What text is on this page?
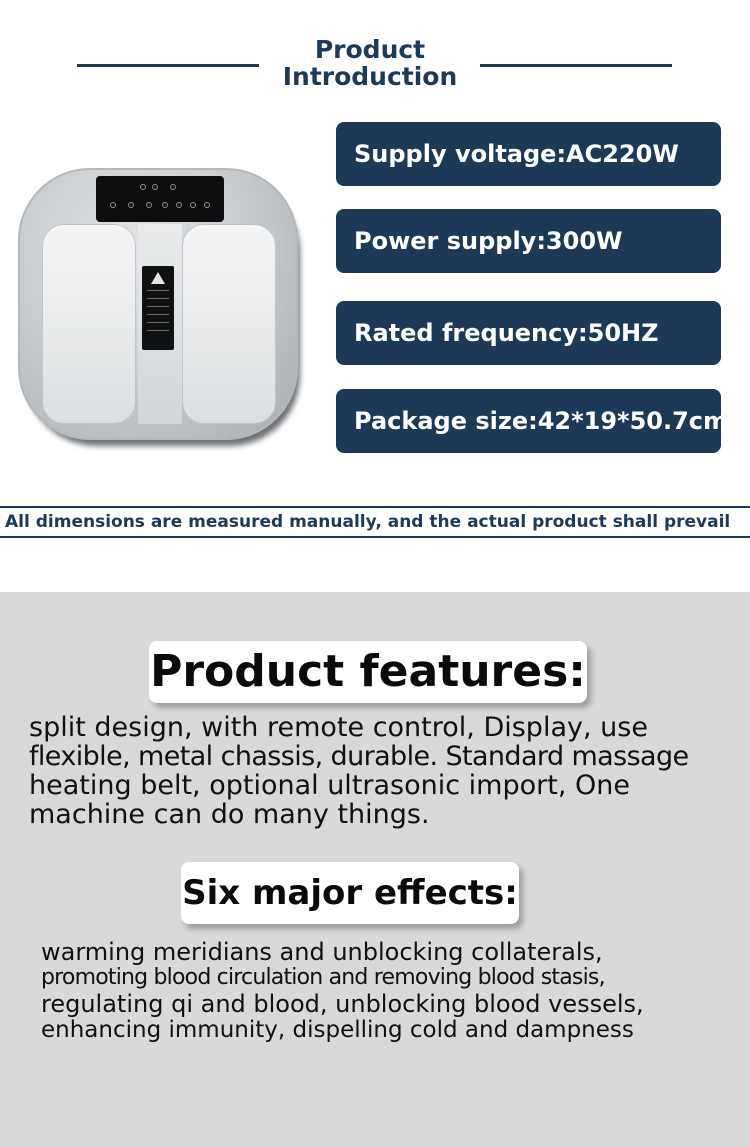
Product
Introduction
Supply voltage:AC220W
Power supply:300W
Rated frequency:50HZ
Package size:42*19*50.7cm
All dimensions are measured manually, and the actual product shall prevail
Product features:
split design, with remote control, Display, use
flexible, metal chassis, durable. Standard massage
heating belt, optional ultrasonic import, One
machine can do many things.
Six major effects:
warming meridians and unblocking collaterals,
promoting blood circulation and removing blood stasis,
regulating qi and blood, unblocking blood vessels,
enhancing immunity, dispelling cold and dampness
